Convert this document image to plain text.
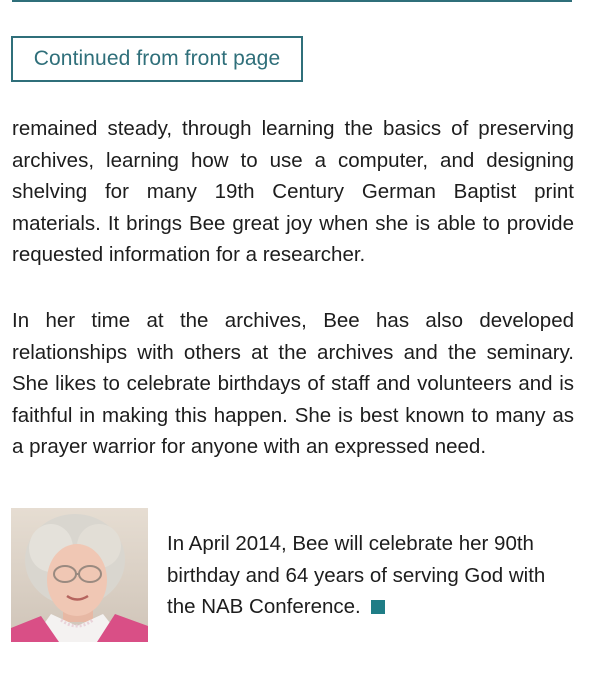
Continued from front page

remained steady, through learning the basics of preserving archives, learning how to use a computer, and designing shelving for many 19th Century German Baptist print materials. It brings Bee great joy when she is able to provide requested information for a researcher.

In her time at the archives, Bee has also developed relationships with others at the archives and the seminary. She likes to celebrate birthdays of staff and volunteers and is faithful in making this happen. She is best known to many as a prayer warrior for anyone with an expressed need.

In April 2014, Bee will celebrate her 90th birthday and 64 years of serving God with the NAB Conference.
